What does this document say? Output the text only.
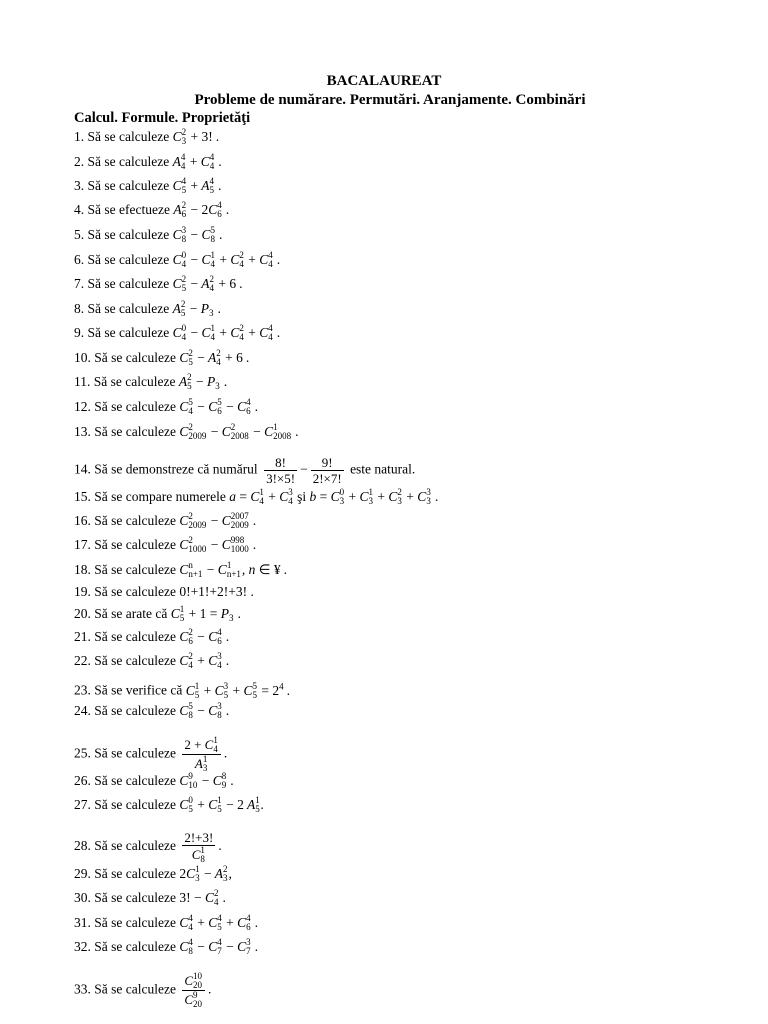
BACALAUREAT
Probleme de numărare. Permutări. Aranjamente. Combinări
Calcul. Formule. Proprietăţi
1. Să se calculeze C 2
3 + 3! .
2. Să se calculeze A 4
4 + C 4
4 .
3. Să se calculeze C 4
5 + A 4
5 .
4. Să se efectueze A 2
6 − 2C 4
6 .
5. Să se calculeze C 3
8 − C 5
8 .
6. Să se calculeze C 0
4 − C 1
4 + C 2
4 + C 4
4 .
7. Să se calculeze C 2
5 − A 2
4 + 6 .
8. Să se calculeze A 2
5 − P
3 .
9. Să se calculeze C 0
4 − C 1
4 + C 2
4 + C 4
4 .
10. Să se calculeze C 2
5 − A 2
4 + 6 .
11. Să se calculeze A 2
5 − P
3 .
12. Să se calculeze C 5
4 − C 5
6 − C 4
6 .
13. Să se calculeze C 2
2009 − C 2
2008 − C 1
2008 .
14. Să se demonstreze că numărul $\frac{8!}{3!\times 5!} - \frac{9!}{2!\times 7!}$ este natural.
15. Să se compare numerele a = C 1
4 + C 3
4 şi b = C 0
3 + C 1
3 + C 2
3 + C 3
3 .
16. Să se calculeze C 2
2009 − C 2007
2009 .
17. Să se calculeze C 2
1000 − C 998
1000 .
18. Să se calculeze C n
n+1 − C 1
n+1 , n ∈ ¥ .
19. Să se calculeze 0!+1!+2!+3! .
20. Să se arate că C 1
5 + 1 = P
3 .
21. Să se calculeze C 2
6 − C 4
6 .
22. Să se calculeze C 2
4 + C 3
4 .
23. Să se verifice că C 1
5 + C 3
5 + C 5
$5 = 2^4$ .
24. Să se calculeze C 5
8 − C 3
8 .
25. Să se calculeze 2 + C 1
4
A 1
3 .
26. Să se calculeze C 9
10 − C 8
9 .
27. Să se calculeze C 0
5 + C 1
5 − 2 A 1
5 .
28. Să se calculeze 2!+3!
C 1
8 .
29. Să se calculeze 2C 1
3 − A 2
3 ,
30. Să se calculeze 3! − C 2
4 .
31. Să se calculeze C 4
4 + C 4
5 + C 4
6 .
32. Să se calculeze C 4
8 − C 4
7 − C 3
7 .
33. Să se calculeze C 10
20
C 9
20 .
